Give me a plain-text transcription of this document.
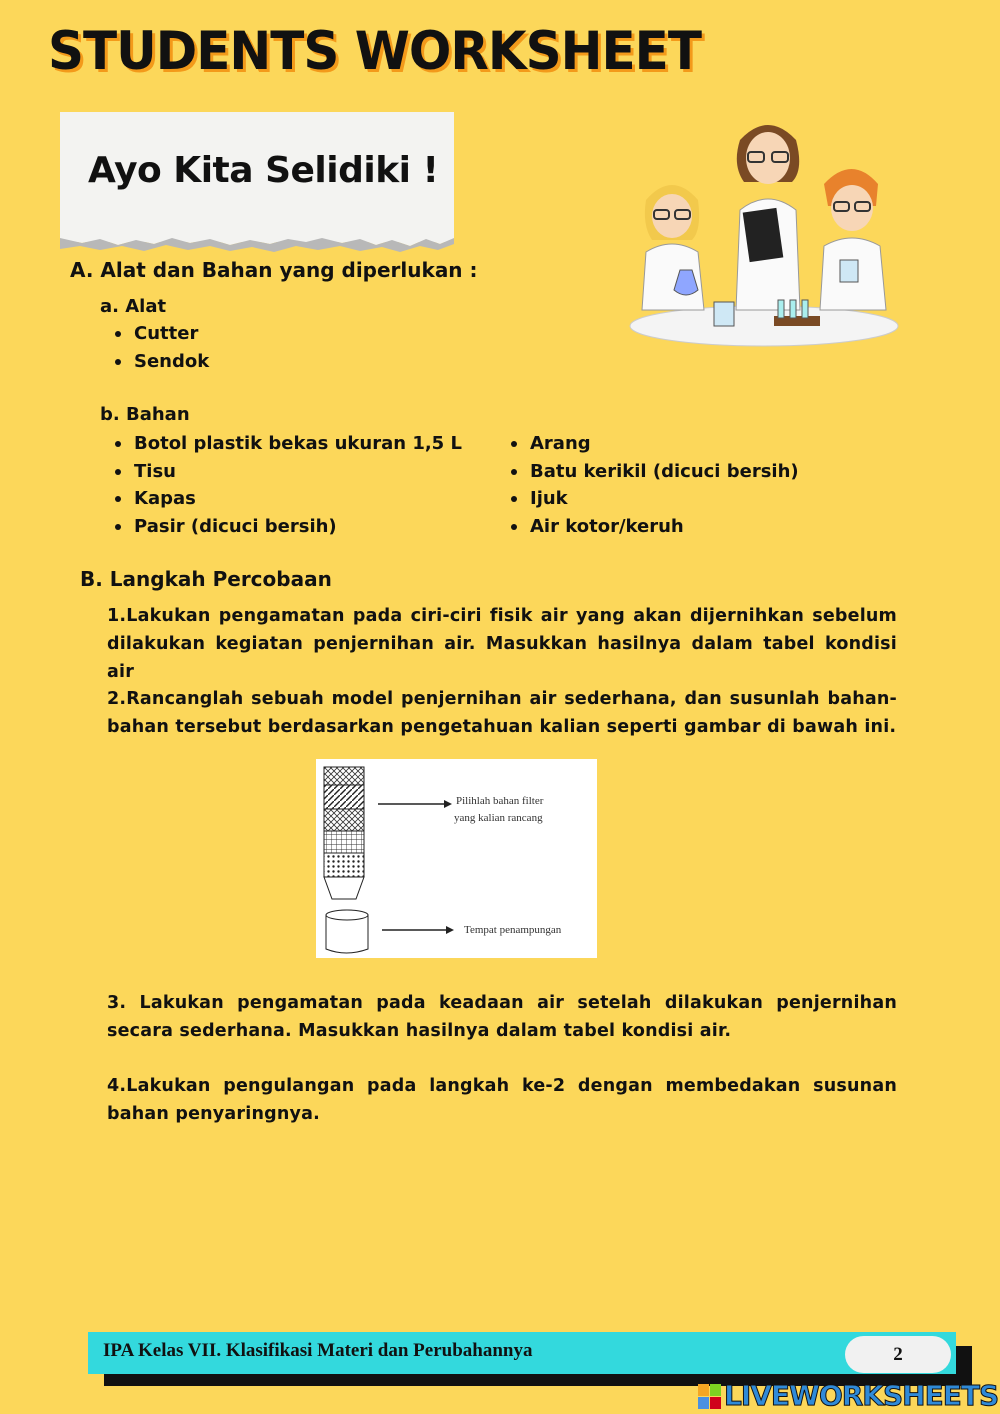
STUDENTS WORKSHEET
Ayo Kita Selidiki !
A. Alat dan Bahan yang diperlukan :
a. Alat
Cutter
Sendok
b. Bahan
Botol plastik bekas ukuran 1,5 L
Tisu
Kapas
Pasir (dicuci bersih)
Arang
Batu kerikil (dicuci bersih)
Ijuk
Air kotor/keruh
B. Langkah Percobaan
1.Lakukan pengamatan pada ciri-ciri fisik air yang akan dijernihkan sebelum dilakukan kegiatan penjernihan air. Masukkan hasilnya dalam tabel kondisi air
2.Rancanglah sebuah model penjernihan air sederhana, dan susunlah bahan-bahan tersebut berdasarkan pengetahuan kalian seperti gambar di bawah ini.
Pilihlah bahan filter
yang kalian rancang
Tempat penampungan
3. Lakukan pengamatan pada keadaan air setelah dilakukan penjernihan secara sederhana. Masukkan hasilnya dalam tabel kondisi air.
4.Lakukan pengulangan pada langkah ke-2 dengan membedakan susunan bahan penyaringnya.
IPA Kelas VII. Klasifikasi Materi dan Perubahannya	2
LIVEWORKSHEETS
